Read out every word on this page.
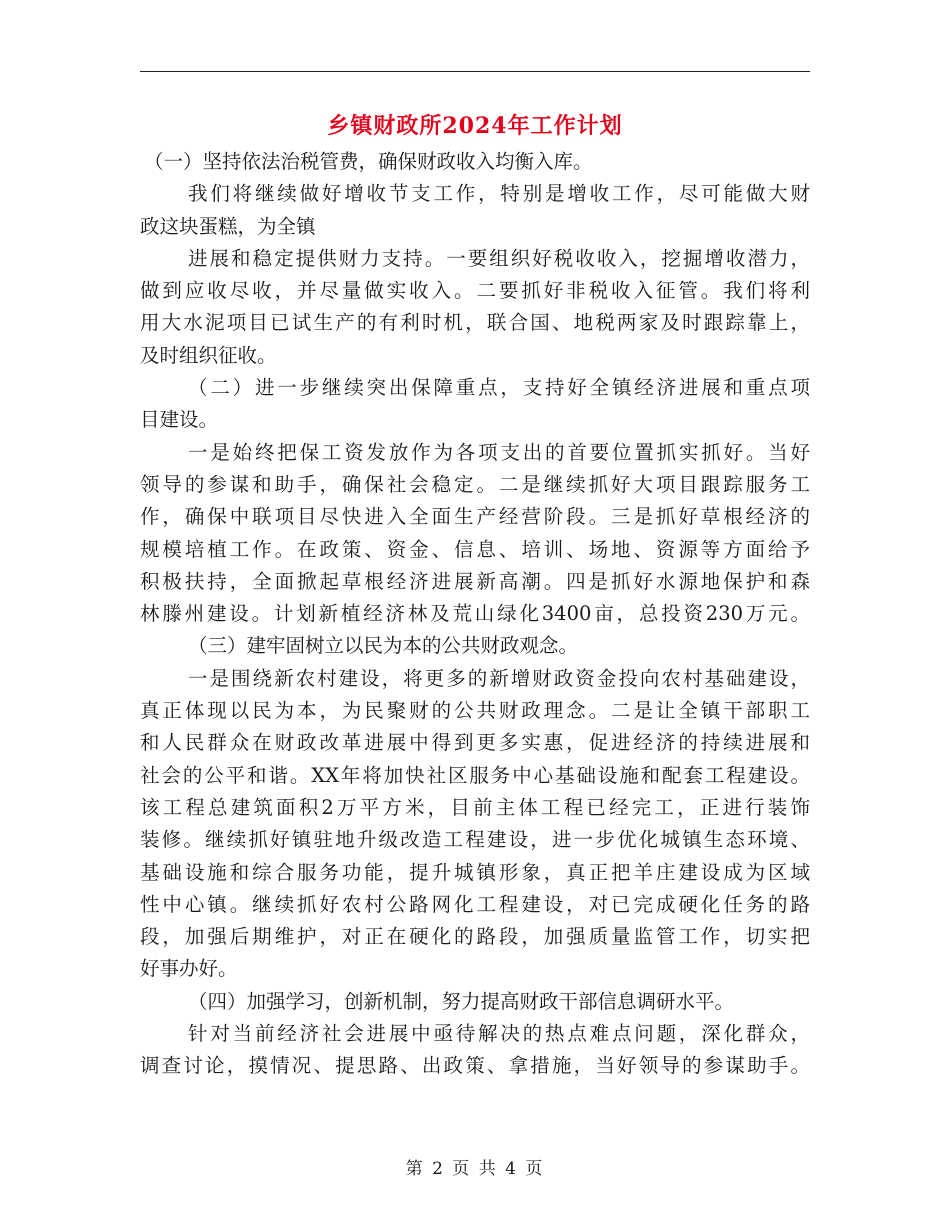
乡镇财政所2024年工作计划
（一）坚持依法治税管费，确保财政收入均衡入库。
我们将继续做好增收节支工作，特别是增收工作，尽可能做大财
政这块蛋糕，为全镇
进展和稳定提供财力支持。一要组织好税收收入，挖掘增收潜力，
做到应收尽收，并尽量做实收入。二要抓好非税收入征管。我们将利
用大水泥项目已试生产的有利时机，联合国、地税两家及时跟踪靠上，
及时组织征收。
（二）进一步继续突出保障重点，支持好全镇经济进展和重点项
目建设。
一是始终把保工资发放作为各项支出的首要位置抓实抓好。当好
领导的参谋和助手，确保社会稳定。二是继续抓好大项目跟踪服务工
作，确保中联项目尽快进入全面生产经营阶段。三是抓好草根经济的
规模培植工作。在政策、资金、信息、培训、场地、资源等方面给予
积极扶持，全面掀起草根经济进展新高潮。四是抓好水源地保护和森
林滕州建设。计划新植经济林及荒山绿化3400亩，总投资230万元。
（三）建牢固树立以民为本的公共财政观念。
一是围绕新农村建设，将更多的新增财政资金投向农村基础建设，
真正体现以民为本，为民聚财的公共财政理念。二是让全镇干部职工
和人民群众在财政改革进展中得到更多实惠，促进经济的持续进展和
社会的公平和谐。XX年将加快社区服务中心基础设施和配套工程建设。
该工程总建筑面积2万平方米，目前主体工程已经完工，正进行装饰
装修。继续抓好镇驻地升级改造工程建设，进一步优化城镇生态环境、
基础设施和综合服务功能，提升城镇形象，真正把羊庄建设成为区域
性中心镇。继续抓好农村公路网化工程建设，对已完成硬化任务的路
段，加强后期维护，对正在硬化的路段，加强质量监管工作，切实把
好事办好。
（四）加强学习，创新机制，努力提高财政干部信息调研水平。
针对当前经济社会进展中亟待解决的热点难点问题，深化群众，
调查讨论，摸情况、提思路、出政策、拿措施，当好领导的参谋助手。
第 2 页 共 4 页
